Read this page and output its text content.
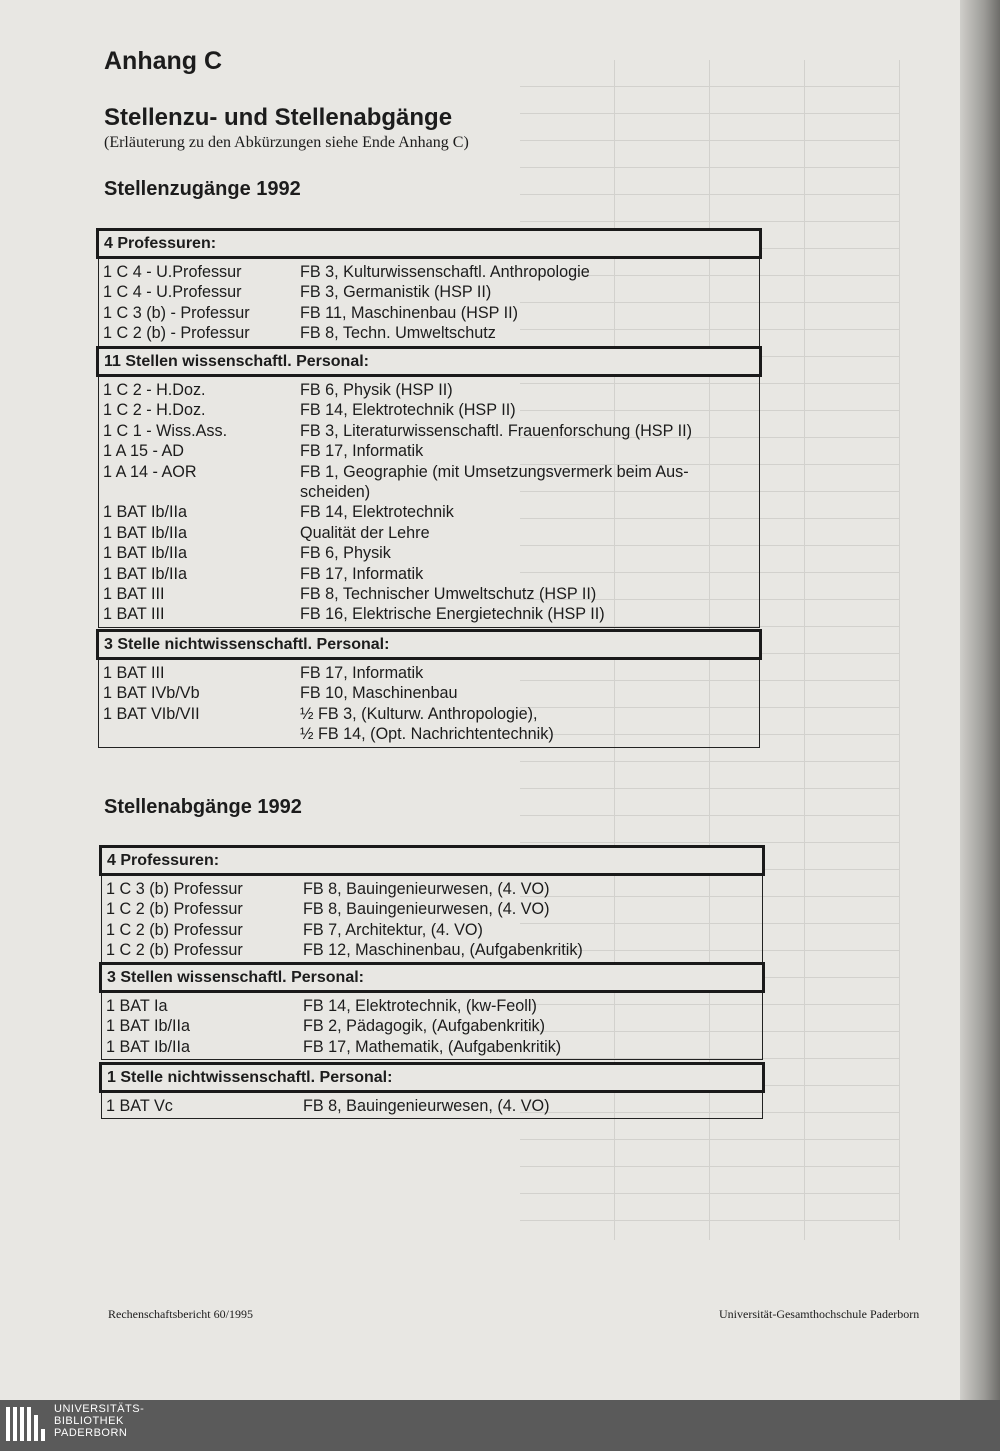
Anhang C
Stellenzu- und Stellenabgänge
(Erläuterung zu den Abkürzungen siehe Ende Anhang C)
Stellenzugänge 1992
4 Professuren:
1 C 4 - U.Professur	FB 3, Kulturwissenschaftl. Anthropologie
1 C 4 - U.Professur	FB 3, Germanistik (HSP II)
1 C 3 (b) - Professur	FB 11, Maschinenbau (HSP II)
1 C 2 (b) - Professur	FB 8, Techn. Umweltschutz
11 Stellen wissenschaftl. Personal:
1 C 2 - H.Doz.	FB 6, Physik (HSP II)
1 C 2 - H.Doz.	FB 14, Elektrotechnik (HSP II)
1 C 1 - Wiss.Ass.	FB 3, Literaturwissenschaftl. Frauenforschung (HSP II)
1 A 15 - AD	FB 17, Informatik
1 A 14 - AOR	FB 1, Geographie (mit Umsetzungsvermerk beim Aus-
scheiden)
1 BAT Ib/IIa	FB 14, Elektrotechnik
1 BAT Ib/IIa	Qualität der Lehre
1 BAT Ib/IIa	FB 6, Physik
1 BAT Ib/IIa	FB 17, Informatik
1 BAT III	FB 8, Technischer Umweltschutz (HSP II)
1 BAT III	FB 16, Elektrische Energietechnik (HSP II)
3 Stelle nichtwissenschaftl. Personal:
1 BAT III	FB 17, Informatik
1 BAT IVb/Vb	FB 10, Maschinenbau
1 BAT VIb/VII	½ FB 3, (Kulturw. Anthropologie),
½ FB 14, (Opt. Nachrichtentechnik)
Stellenabgänge 1992
4 Professuren:
1 C 3 (b) Professur	FB 8, Bauingenieurwesen, (4. VO)
1 C 2 (b) Professur	FB 8, Bauingenieurwesen, (4. VO)
1 C 2 (b) Professur	FB 7, Architektur, (4. VO)
1 C 2 (b) Professur	FB 12, Maschinenbau, (Aufgabenkritik)
3 Stellen wissenschaftl. Personal:
1 BAT Ia	FB 14, Elektrotechnik, (kw-Feoll)
1 BAT Ib/IIa	FB 2, Pädagogik, (Aufgabenkritik)
1 BAT Ib/IIa	FB 17, Mathematik, (Aufgabenkritik)
1 Stelle nichtwissenschaftl. Personal:
1 BAT Vc	FB 8, Bauingenieurwesen, (4. VO)
Rechenschaftsbericht 60/1995	Universität-Gesamthochschule Paderborn
UNIVERSITÄTS-
BIBLIOTHEK
PADERBORN
